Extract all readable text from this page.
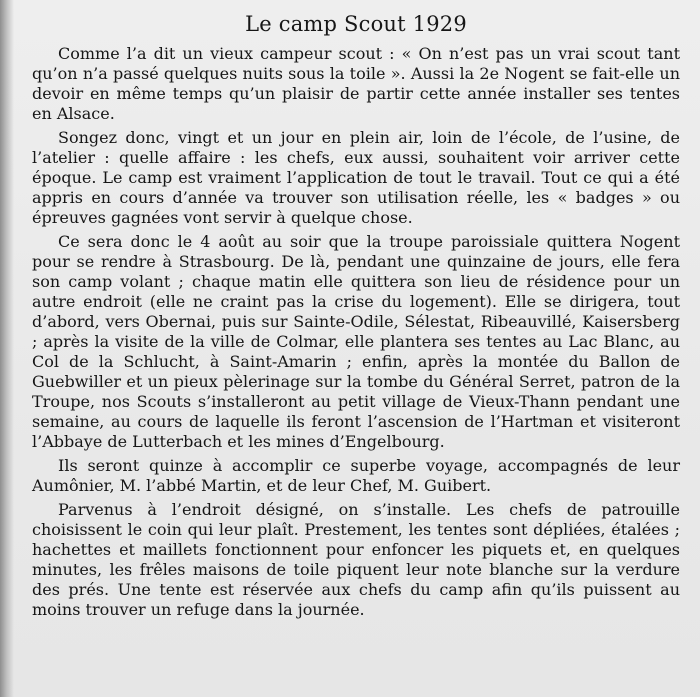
Le camp Scout 1929

Comme l’a dit un vieux campeur scout : « On n’est pas un vrai scout tant qu’on n’a passé quelques nuits sous la toile ». Aussi la 2e Nogent se fait-elle un devoir en même temps qu’un plaisir de partir cette année installer ses tentes en Alsace.

Songez donc, vingt et un jour en plein air, loin de l’école, de l’usine, de l’atelier : quelle affaire : les chefs, eux aussi, souhaitent voir arriver cette époque. Le camp est vraiment l’application de tout le travail. Tout ce qui a été appris en cours d’année va trouver son utilisation réelle, les « badges » ou épreuves gagnées vont servir à quelque chose.

Ce sera donc le 4 août au soir que la troupe paroissiale quittera Nogent pour se rendre à Strasbourg. De là, pendant une quinzaine de jours, elle fera son camp volant ; chaque matin elle quittera son lieu de résidence pour un autre endroit (elle ne craint pas la crise du logement). Elle se dirigera, tout d’abord, vers Obernai, puis sur Sainte-Odile, Sélestat, Ribeauvillé, Kaisersberg ; après la visite de la ville de Colmar, elle plantera ses tentes au Lac Blanc, au Col de la Schlucht, à Saint-Amarin ; enfin, après la montée du Ballon de Guebwiller et un pieux pèlerinage sur la tombe du Général Serret, patron de la Troupe, nos Scouts s’installeront au petit village de Vieux-Thann pendant une semaine, au cours de laquelle ils feront l’ascension de l’Hartman et visiteront l’Abbaye de Lutterbach et les mines d’Engelbourg.

Ils seront quinze à accomplir ce superbe voyage, accompagnés de leur Aumônier, M. l’abbé Martin, et de leur Chef, M. Guibert.

Parvenus à l’endroit désigné, on s’installe. Les chefs de patrouille choisissent le coin qui leur plaît. Prestement, les tentes sont dépliées, étalées ; hachettes et maillets fonctionnent pour enfoncer les piquets et, en quelques minutes, les frêles maisons de toile piquent leur note blanche sur la verdure des prés. Une tente est réservée aux chefs du camp afin qu’ils puissent au moins trouver un refuge dans la journée.
